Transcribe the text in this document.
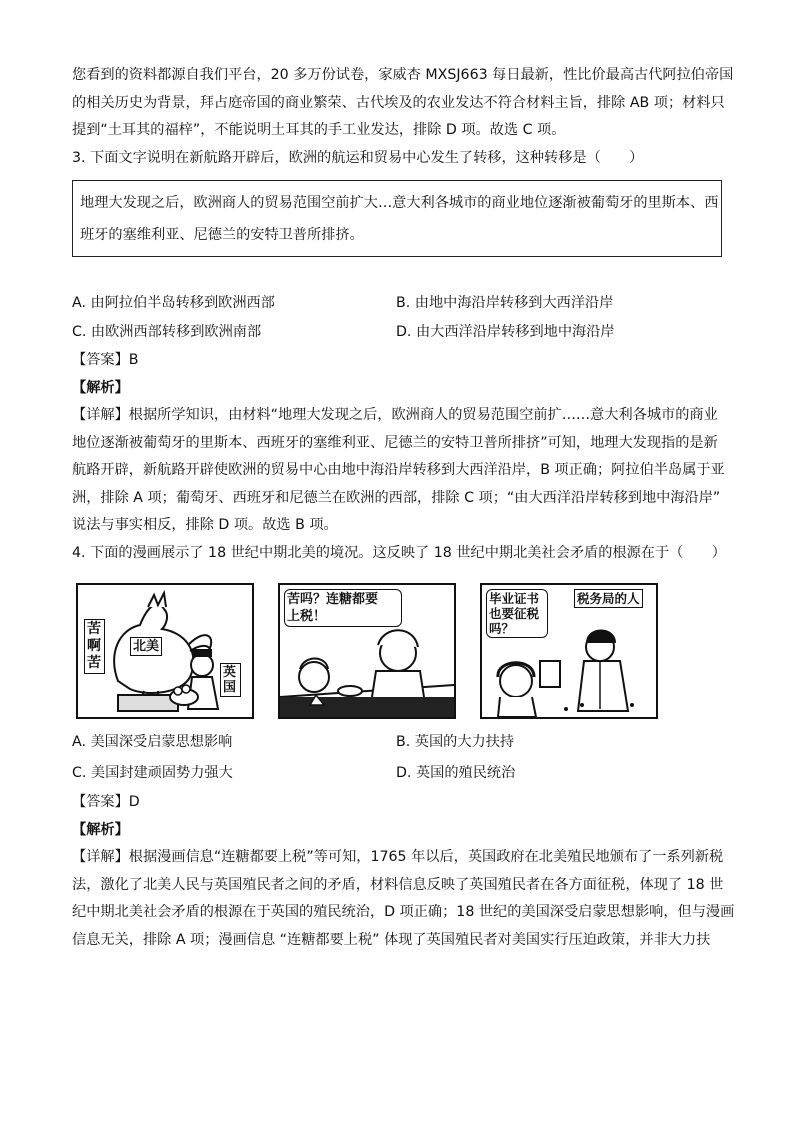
您看到的资料都源自我们平台，20 多万份试卷，家威杏 MXSJ663 每日最新，性比价最高古代阿拉伯帝国

的相关历史为背景，拜占庭帝国的商业繁荣、古代埃及的农业发达不符合材料主旨，排除 AB 项；材料只

提到“土耳其的福梓”，不能说明土耳其的手工业发达，排除 D 项。故选 C 项。

3. 下面文字说明在新航路开辟后，欧洲的航运和贸易中心发生了转移，这种转移是（　　）

地理大发现之后，欧洲商人的贸易范围空前扩大…意大利各城市的商业地位逐渐被葡萄牙的里斯本、西

班牙的塞维利亚、尼德兰的安特卫普所排挤。

A. 由阿拉伯半岛转移到欧洲西部	B. 由地中海沿岸转移到大西洋沿岸
C. 由欧洲西部转移到欧洲南部	D. 由大西洋沿岸转移到地中海沿岸

【答案】B

【解析】

【详解】根据所学知识，由材料“地理大发现之后，欧洲商人的贸易范围空前扩……意大利各城市的商业

地位逐渐被葡萄牙的里斯本、西班牙的塞维利亚、尼德兰的安特卫普所排挤”可知，地理大发现指的是新

航路开辟，新航路开辟使欧洲的贸易中心由地中海沿岸转移到大西洋沿岸，B 项正确；阿拉伯半岛属于亚

洲，排除 A 项；葡萄牙、西班牙和尼德兰在欧洲的西部，排除 C 项；“由大西洋沿岸转移到地中海沿岸”

说法与事实相反，排除 D 项。故选 B 项。

4. 下面的漫画展示了 18 世纪中期北美的境况。这反映了 18 世纪中期北美社会矛盾的根源在于（　　）

苦啊苦
北美
英国
苦吗？连糖都要
上税！
毕业证书
也要征税
吗？
税务局的人
A. 美国深受启蒙思想影响	B. 英国的大力扶持
C. 美国封建顽固势力强大	D. 英国的殖民统治

【答案】D

【解析】

【详解】根据漫画信息“连糖都要上税”等可知，1765 年以后，英国政府在北美殖民地颁布了一系列新税

法，激化了北美人民与英国殖民者之间的矛盾，材料信息反映了英国殖民者在各方面征税，体现了 18 世

纪中期北美社会矛盾的根源在于英国的殖民统治，D 项正确；18 世纪的美国深受启蒙思想影响，但与漫画

信息无关，排除 A 项；漫画信息 “连糖都要上税” 体现了英国殖民者对美国实行压迫政策，并非大力扶
